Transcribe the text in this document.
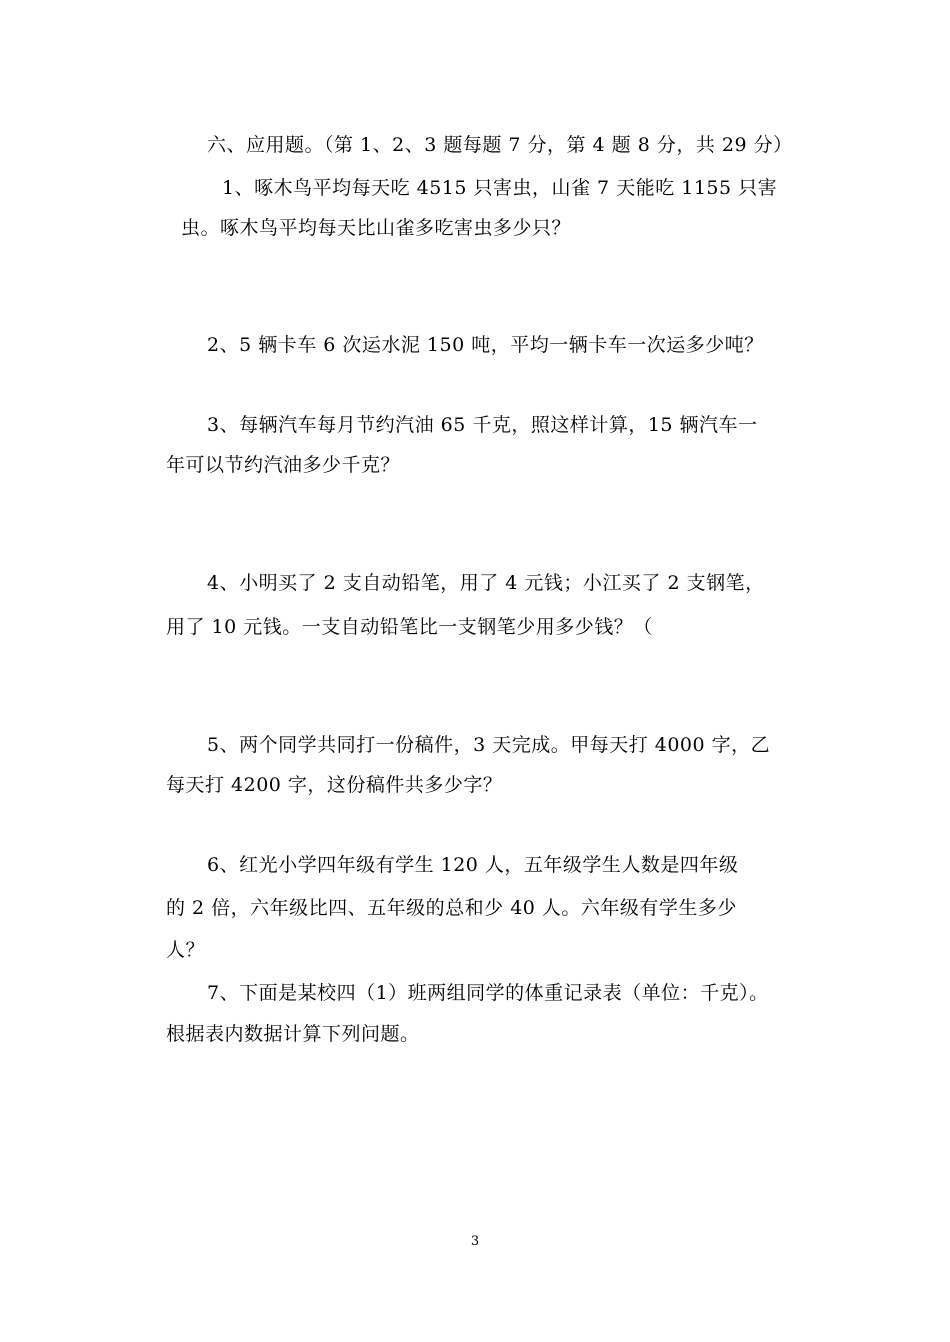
六、应用题。（第 1、2、3 题每题 7 分，第 4 题 8 分，共 29 分）
1、啄木鸟平均每天吃 4515 只害虫，山雀 7 天能吃 1155 只害
虫。啄木鸟平均每天比山雀多吃害虫多少只？
2、5 辆卡车 6 次运水泥 150 吨，平均一辆卡车一次运多少吨？
3、每辆汽车每月节约汽油 65 千克，照这样计算，15 辆汽车一
年可以节约汽油多少千克？
4、小明买了 2 支自动铅笔，用了 4 元钱；小江买了 2 支钢笔，
用了 10 元钱。一支自动铅笔比一支钢笔少用多少钱？（
5、两个同学共同打一份稿件，3 天完成。甲每天打 4000 字，乙
每天打 4200 字，这份稿件共多少字？
6、红光小学四年级有学生 120 人，五年级学生人数是四年级
的 2 倍，六年级比四、五年级的总和少 40 人。六年级有学生多少
人？
7、下面是某校四（1）班两组同学的体重记录表（单位：千克）。
根据表内数据计算下列问题。
3
